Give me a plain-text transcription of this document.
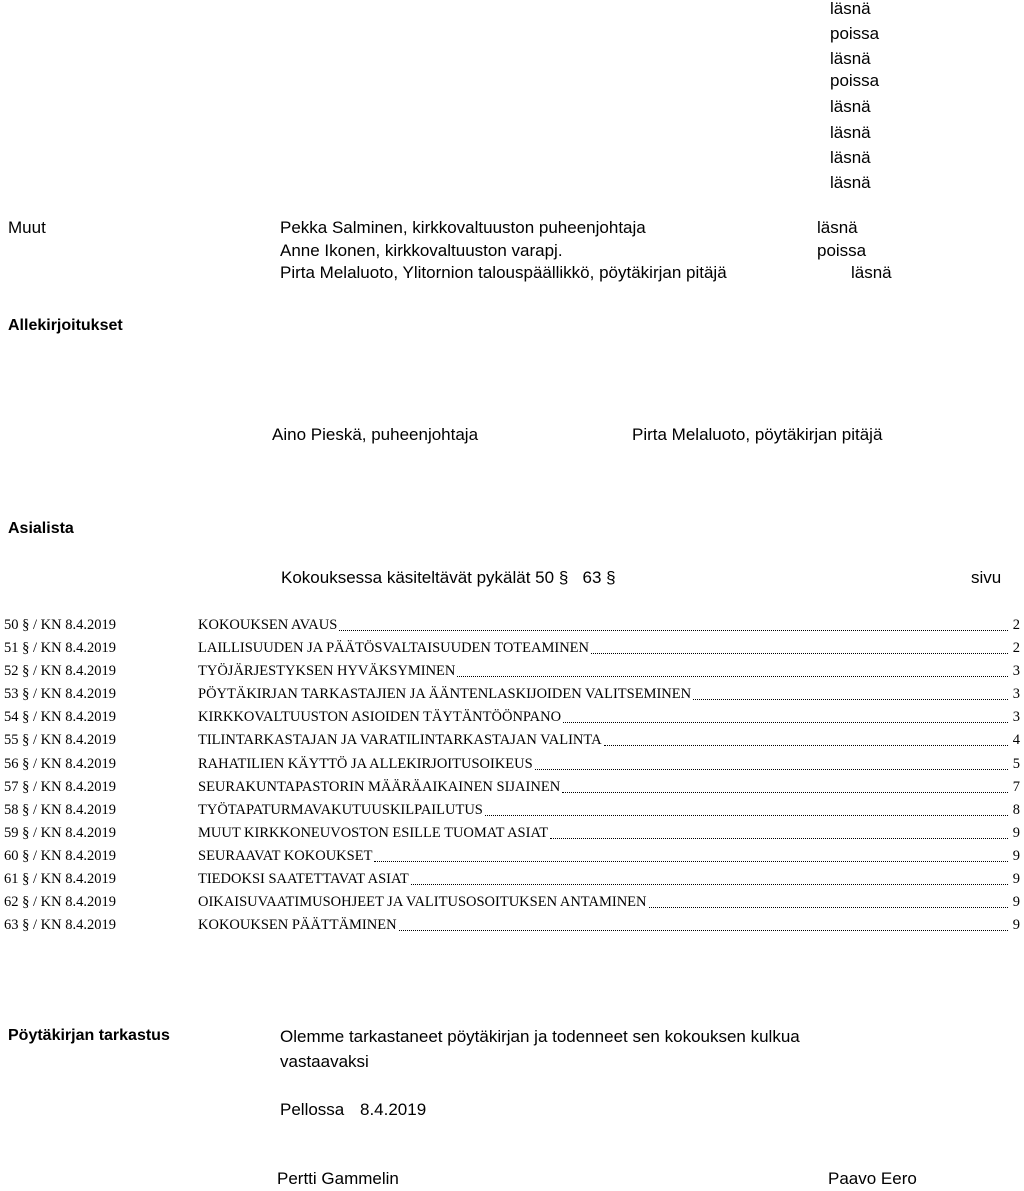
läsnä
poissa
läsnä
poissa
läsnä
läsnä
läsnä
läsnä
Muut	Pekka Salminen, kirkkovaltuuston puheenjohtaja	läsnä
Anne Ikonen, kirkkovaltuuston varapj.	poissa
Pirta Melaluoto, Ylitornion talouspäällikkö, pöytäkirjan pitäjä	läsnä
Allekirjoitukset
Aino Pieskä, puheenjohtaja	Pirta Melaluoto, pöytäkirjan pitäjä
Asialista
Kokouksessa käsiteltävät pykälät 50 § 63 §	sivu
50 § / KN 8.4.2019	KOKOUKSEN AVAUS	2
51 § / KN 8.4.2019	LAILLISUUDEN JA PÄÄTÖSVALTAISUUDEN TOTEAMINEN	2
52 § / KN 8.4.2019	TYÖJÄRJESTYKSEN HYVÄKSYMINEN	3
53 § / KN 8.4.2019	PÖYTÄKIRJAN TARKASTAJIEN JA ÄÄNTENLASKIJOIDEN VALITSEMINEN	3
54 § / KN 8.4.2019	KIRKKOVALTUUSTON ASIOIDEN TÄYTÄNTÖÖNPANO	3
55 § / KN 8.4.2019	TILINTARKASTAJAN JA VARATILINTARKASTAJAN VALINTA	4
56 § / KN 8.4.2019	RAHATILIEN KÄYTTÖ JA ALLEKIRJOITUSOIKEUS	5
57 § / KN 8.4.2019	SEURAKUNTAPASTORIN MÄÄRÄAIKAINEN SIJAINEN	7
58 § / KN 8.4.2019	TYÖTAPATURMAVAKUTUUSKILPAILUTUS	8
59 § / KN 8.4.2019	MUUT KIRKKONEUVOSTON ESILLE TUOMAT ASIAT	9
60 § / KN 8.4.2019	SEURAAVAT KOKOUKSET	9
61 § / KN 8.4.2019	TIEDOKSI SAATETTAVAT ASIAT	9
62 § / KN 8.4.2019	OIKAISUVAATIMUSOHJEET JA VALITUSOSOITUKSEN ANTAMINEN	9
63 § / KN 8.4.2019	KOKOUKSEN PÄÄTTÄMINEN	9
Pöytäkirjan tarkastus	Olemme tarkastaneet pöytäkirjan ja todenneet sen kokouksen kulkua
vastaavaksi
Pellossa 8.4.2019
Pertti Gammelin	Paavo Eero
